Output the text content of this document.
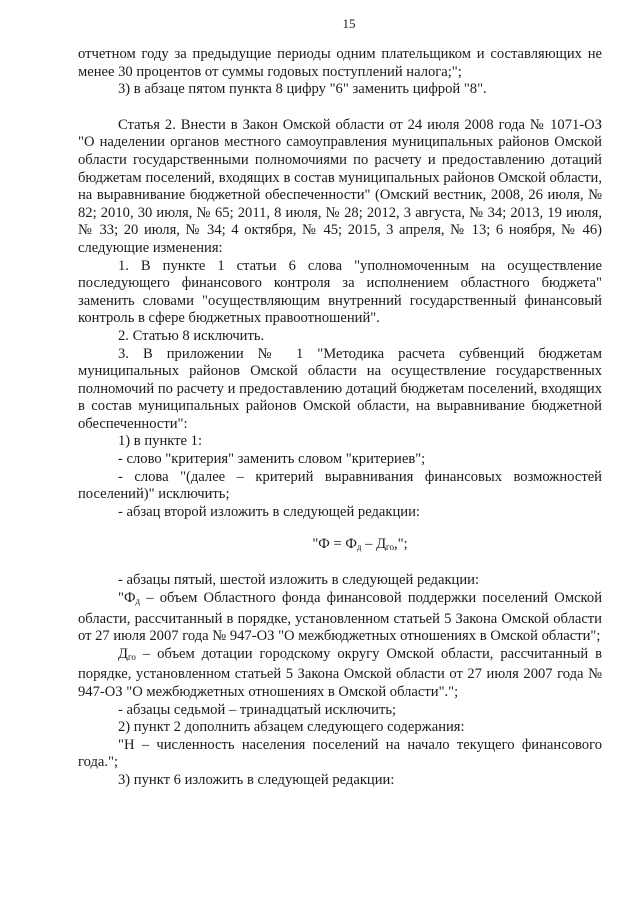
15

отчетном году за предыдущие периоды одним плательщиком и составляющих не менее 30 процентов от суммы годовых поступлений налога;";

3) в абзаце пятом пункта 8 цифру "6" заменить цифрой "8".

Статья 2. Внести в Закон Омской области от 24 июля 2008 года № 1071-ОЗ "О наделении органов местного самоуправления муниципальных районов Омской области государственными полномочиями по расчету и предоставлению дотаций бюджетам поселений, входящих в состав муниципальных районов Омской области, на выравнивание бюджетной обеспеченности" (Омский вестник, 2008, 26 июля, № 82; 2010, 30 июля, № 65; 2011, 8 июля, № 28; 2012, 3 августа, № 34; 2013, 19 июля, № 33; 20 июля, № 34; 4 октября, № 45; 2015, 3 апреля, № 13; 6 ноября, № 46) следующие изменения:

1. В пункте 1 статьи 6 слова "уполномоченным на осуществление последующего финансового контроля за исполнением областного бюджета" заменить словами "осуществляющим внутренний государственный финансовый контроль в сфере бюджетных правоотношений".

2. Статью 8 исключить.

3. В приложении № 1 "Методика расчета субвенций бюджетам муниципальных районов Омской области на осуществление государственных полномочий по расчету и предоставлению дотаций бюджетам поселений, входящих в состав муниципальных районов Омской области, на выравнивание бюджетной обеспеченности":

1) в пункте 1:

- слово "критерия" заменить словом "критериев";

- слова "(далее – критерий выравнивания финансовых возможностей поселений)" исключить;

- абзац второй изложить в следующей редакции:

"$Ф = Ф_д - Д_{го}$,";

- абзацы пятый, шестой изложить в следующей редакции:

"$Ф_д$ – объем Областного фонда финансовой поддержки поселений Омской области, рассчитанный в порядке, установленном статьей 5 Закона Омской области от 27 июля 2007 года № 947-ОЗ "О межбюджетных отношениях в Омской области";

$Д_{го}$ – объем дотации городскому округу Омской области, рассчитанный в порядке, установленном статьей 5 Закона Омской области от 27 июля 2007 года № 947-ОЗ "О межбюджетных отношениях в Омской области".";

- абзацы седьмой – тринадцатый исключить;

2) пункт 2 дополнить абзацем следующего содержания:

"Н – численность населения поселений на начало текущего финансового года.";

3) пункт 6 изложить в следующей редакции:
